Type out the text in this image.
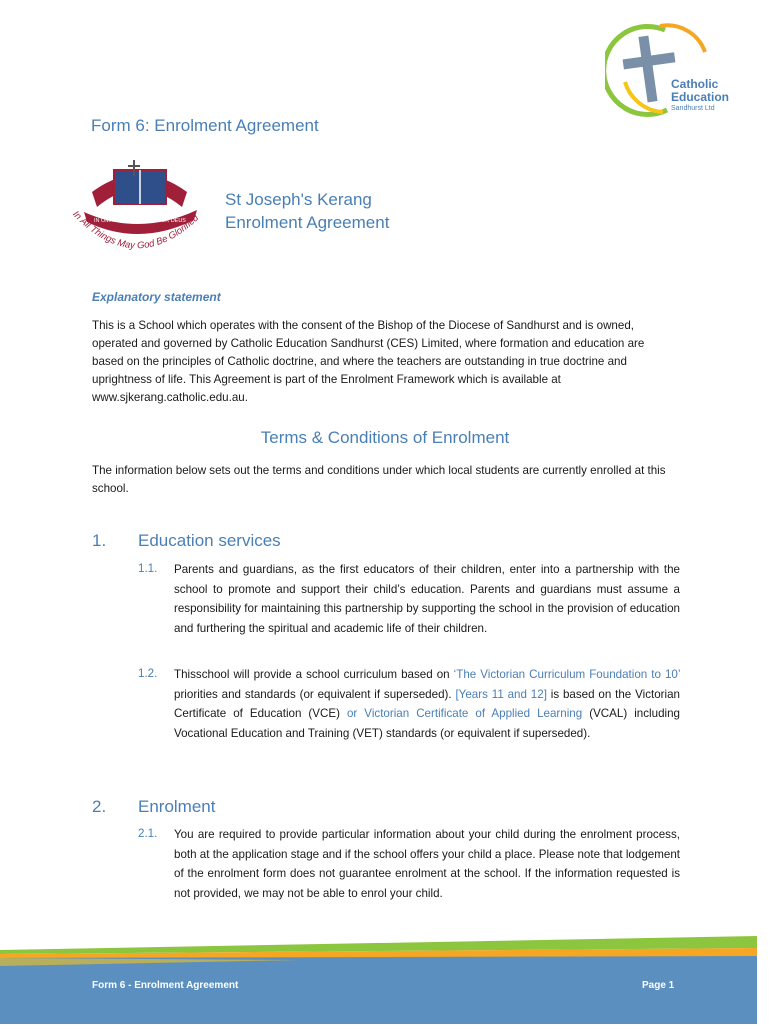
Catholic
Education
Sandhurst Ltd
Form 6: Enrolment Agreement
IN OMNIBUS GLORIFICETUR DEUS
In All Things May God Be Glorified
St Joseph's Kerang
Enrolment Agreement
Explanatory statement
This is a School which operates with the consent of the Bishop of the Diocese of Sandhurst and is owned, operated and governed by Catholic Education Sandhurst (CES) Limited, where formation and education are based on the principles of Catholic doctrine, and where the teachers are outstanding in true doctrine and uprightness of life. This Agreement is part of the Enrolment Framework which is available at www.sjkerang.catholic.edu.au.
Terms & Conditions of Enrolment
The information below sets out the terms and conditions under which local students are currently enrolled at this school.
1. Education services
1.1. Parents and guardians, as the first educators of their children, enter into a partnership with the school to promote and support their child’s education. Parents and guardians must assume a responsibility for maintaining this partnership by supporting the school in the provision of education and furthering the spiritual and academic life of their children.
1.2. Thisschool will provide a school curriculum based on ‘The Victorian Curriculum Foundation to 10’ priorities and standards (or equivalent if superseded). [Years 11 and 12] is based on the Victorian Certificate of Education (VCE) or Victorian Certificate of Applied Learning (VCAL) including Vocational Education and Training (VET) standards (or equivalent if superseded).
2. Enrolment
2.1. You are required to provide particular information about your child during the enrolment process, both at the application stage and if the school offers your child a place. Please note that lodgement of the enrolment form does not guarantee enrolment at the school. If the information requested is not provided, we may not be able to enrol your child.
Form 6 - Enrolment Agreement	Page 1
